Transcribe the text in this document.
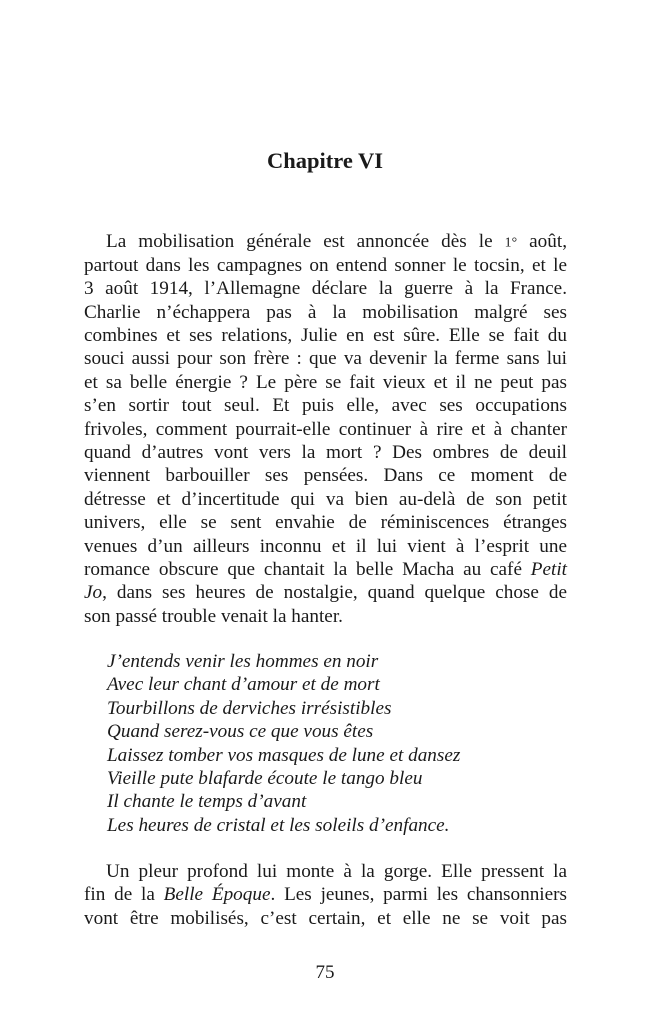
Chapitre VI
La mobilisation générale est annoncée dès le 1° août,
partout dans les campagnes on entend sonner le tocsin, et le
3 août 1914, l’Allemagne déclare la guerre à la France.
Charlie n’échappera pas à la mobilisation malgré ses
combines et ses relations, Julie en est sûre. Elle se fait du
souci aussi pour son frère : que va devenir la ferme sans lui
et sa belle énergie ? Le père se fait vieux et il ne peut pas
s’en sortir tout seul. Et puis elle, avec ses occupations
frivoles, comment pourrait-elle continuer à rire et à chanter
quand d’autres vont vers la mort ? Des ombres de deuil
viennent barbouiller ses pensées. Dans ce moment de
détresse et d’incertitude qui va bien au-delà de son petit
univers, elle se sent envahie de réminiscences étranges
venues d’un ailleurs inconnu et il lui vient à l’esprit une
romance obscure que chantait la belle Macha au café Petit
Jo, dans ses heures de nostalgie, quand quelque chose de
son passé trouble venait la hanter.
J’entends venir les hommes en noir
Avec leur chant d’amour et de mort
Tourbillons de derviches irrésistibles
Quand serez-vous ce que vous êtes
Laissez tomber vos masques de lune et dansez
Vieille pute blafarde écoute le tango bleu
Il chante le temps d’avant
Les heures de cristal et les soleils d’enfance.
Un pleur profond lui monte à la gorge. Elle pressent la
fin de la Belle Époque. Les jeunes, parmi les chansonniers
vont être mobilisés, c’est certain, et elle ne se voit pas

75
